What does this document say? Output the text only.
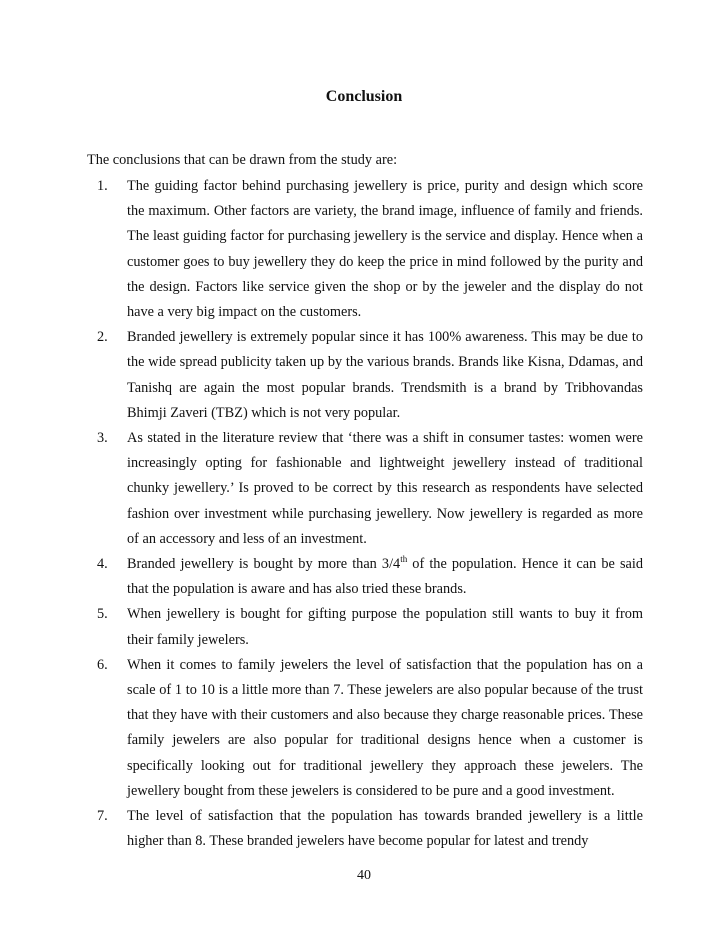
Conclusion
The conclusions that can be drawn from the study are:
1.	The guiding factor behind purchasing jewellery is price, purity and design which score the maximum. Other factors are variety, the brand image, influence of family and friends. The least guiding factor for purchasing jewellery is the service and display. Hence when a customer goes to buy jewellery they do keep the price in mind followed by the purity and the design. Factors like service given the shop or by the jeweler and the display do not have a very big impact on the customers.
2.	Branded jewellery is extremely popular since it has 100% awareness. This may be due to the wide spread publicity taken up by the various brands. Brands like Kisna, Ddamas, and Tanishq are again the most popular brands. Trendsmith is a brand by Tribhovandas Bhimji Zaveri (TBZ) which is not very popular.
3.	As stated in the literature review that ‘there was a shift in consumer tastes: women were increasingly opting for fashionable and lightweight jewellery instead of traditional chunky jewellery.’ Is proved to be correct by this research as respondents have selected fashion over investment while purchasing jewellery. Now jewellery is regarded as more of an accessory and less of an investment.
4.	Branded jewellery is bought by more than 3/4th of the population. Hence it can be said that the population is aware and has also tried these brands.
5.	When jewellery is bought for gifting purpose the population still wants to buy it from their family jewelers.
6.	When it comes to family jewelers the level of satisfaction that the population has on a scale of 1 to 10 is a little more than 7. These jewelers are also popular because of the trust that they have with their customers and also because they charge reasonable prices. These family jewelers are also popular for traditional designs hence when a customer is specifically looking out for traditional jewellery they approach these jewelers. The jewellery bought from these jewelers is considered to be pure and a good investment.
7.	The level of satisfaction that the population has towards branded jewellery is a little higher than 8. These branded jewelers have become popular for latest and trendy
40
